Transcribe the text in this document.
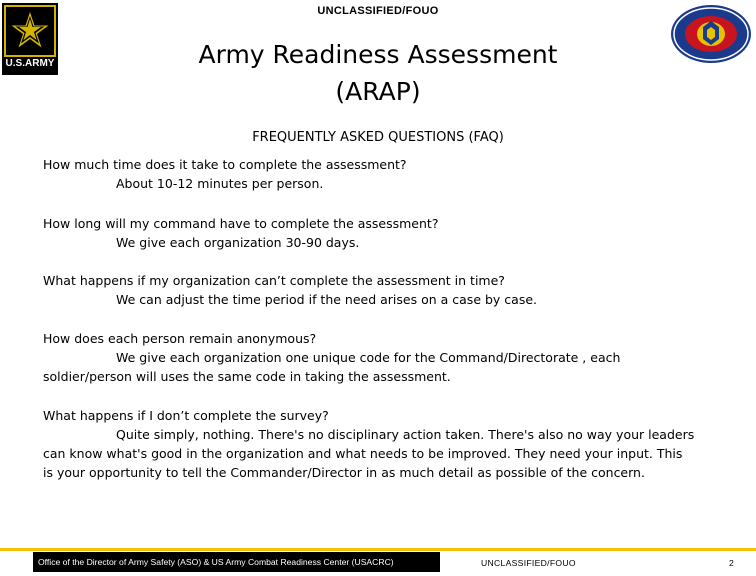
UNCLASSIFIED/FOUO
U.S.ARMY	Army Readiness Assessment
(ARAP)
FREQUENTLY ASKED QUESTIONS (FAQ)
How much time does it take to complete the assessment?
About 10-12 minutes per person.
How long will my command have to complete the assessment?
We give each organization 30-90 days.
What happens if my organization can’t complete the assessment in time?
We can adjust the time period if the need arises on a case by case.
How does each person remain anonymous?
We give each organization one unique code for the Command/Directorate , each
soldier/person will uses the same code in taking the assessment.
What happens if I don’t complete the survey?
Quite simply, nothing. There's no disciplinary action taken. There's also no way your leaders
can know what's good in the organization and what needs to be improved. They need your input. This
is your opportunity to tell the Commander/Director in as much detail as possible of the concern.
Office of the Director of Army Safety (ASO) & US Army Combat Readiness Center (USACRC)	UNCLASSIFIED/FOUO	2
